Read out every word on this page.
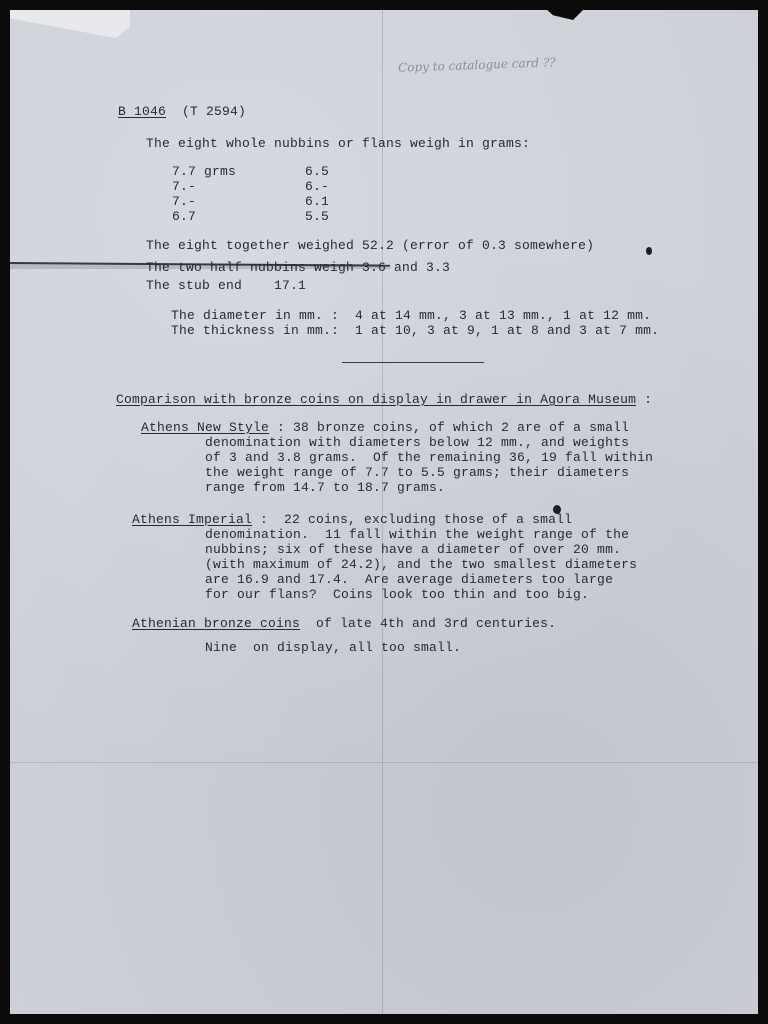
Copy to catalogue card ??
B 1046 (T 2594)
The eight whole nubbins or flans weigh in grams:
7.7 grms
7.-
7.-
6.7
6.5
6.-
6.1
5.5
The eight together weighed 52.2 (error of 0.3 somewhere)
The two half nubbins weigh 3.6 and 3.3
The stub end 17.1
The diameter in mm. :  4 at 14 mm., 3 at 13 mm., 1 at 12 mm.
The thickness in mm.:  1 at 10, 3 at 9, 1 at 8 and 3 at 7 mm.
Comparison with bronze coins on display in drawer in Agora Museum :
Athens New Style : 38 bronze coins, of which 2 are of a small
denomination with diameters below 12 mm., and weights
of 3 and 3.8 grams.  Of the remaining 36, 19 fall within
the weight range of 7.7 to 5.5 grams; their diameters
range from 14.7 to 18.7 grams.
Athens Imperial :  22 coins, excluding those of a small
denomination.  11 fall within the weight range of the
nubbins; six of these have a diameter of over 20 mm.
(with maximum of 24.2), and the two smallest diameters
are 16.9 and 17.4.  Are average diameters too large
for our flans?  Coins look too thin and too big.
Athenian bronze coins  of late 4th and 3rd centuries.
Nine  on display, all too small.
